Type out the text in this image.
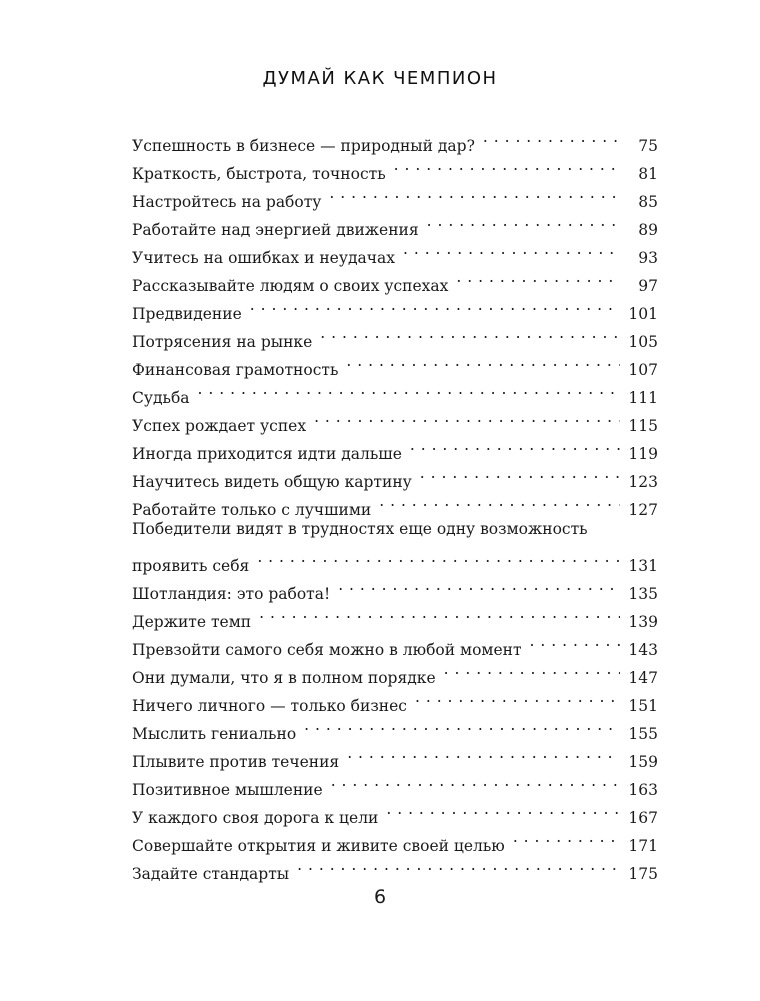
ДУМАЙ КАК ЧЕМПИОН
Успешность в бизнесе — природный дар? . . .	75
Краткость, быстрота, точность . . .	81
Настройтесь на работу . . .	85
Работайте над энергией движения . . .	89
Учитесь на ошибках и неудачах . . .	93
Рассказывайте людям о своих успехах . . .	97
Предвидение . . .	101
Потрясения на рынке . . .	105
Финансовая грамотность . . .	107
Судьба . . .	111
Успех рождает успех . . .	115
Иногда приходится идти дальше . . .	119
Научитесь видеть общую картину . . .	123
Работайте только с лучшими . . .	127
Победители видят в трудностях еще одну возможность
проявить себя . . .	131
Шотландия: это работа! . . .	135
Держите темп . . .	139
Превзойти самого себя можно в любой момент . . .	143
Они думали, что я в полном порядке . . .	147
Ничего личного — только бизнес . . .	151
Мыслить гениально . . .	155
Плывите против течения . . .	159
Позитивное мышление . . .	163
У каждого своя дорога к цели . . .	167
Совершайте открытия и живите своей целью . . .	171
Задайте стандарты . . .	175
6
